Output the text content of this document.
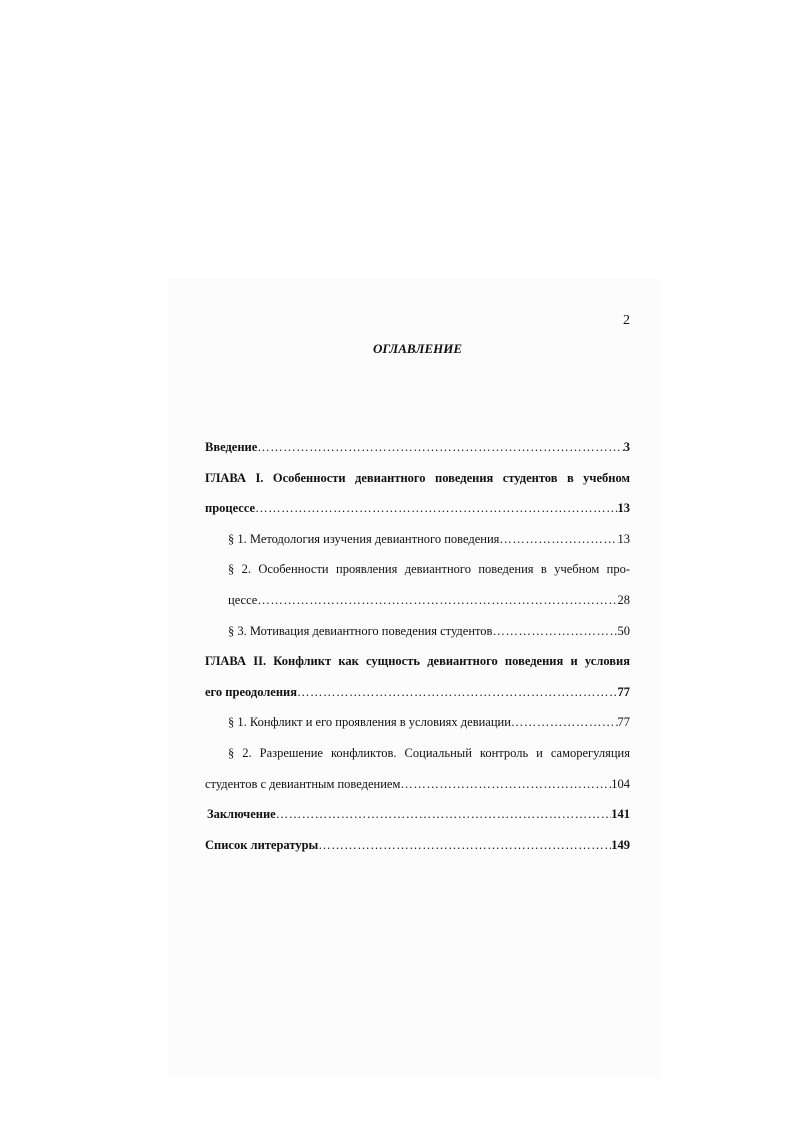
2
ОГЛАВЛЕНИЕ
Введение …………………………………………………………………………………………………………………………………………………………………………	3
ГЛАВА I. Особенности девиантного поведения студентов в учебном
процессе …………………………………………………………………………………………………………………………………………………………………………	13
§ 1. Методология изучения девиантного поведения …………………………………………………………………………………………………………………………………………………………………………	13
§ 2. Особенности проявления девиантного поведения в учебном про-
цессе …………………………………………………………………………………………………………………………………………………………………………	28
§ 3. Мотивация девиантного поведения студентов …………………………………………………………………………………………………………………………………………………………………………	50
ГЛАВА II. Конфликт как сущность девиантного поведения и условия
его преодоления …………………………………………………………………………………………………………………………………………………………………………	77
§ 1. Конфликт и его проявления в условиях девиации …………………………………………………………………………………………………………………………………………………………………………	77
§ 2. Разрешение конфликтов. Социальный контроль и саморегуляция
студентов с девиантным поведением …………………………………………………………………………………………………………………………………………………………………………	104
Заключение …………………………………………………………………………………………………………………………………………………………………………	141
Список литературы …………………………………………………………………………………………………………………………………………………………………………	149
